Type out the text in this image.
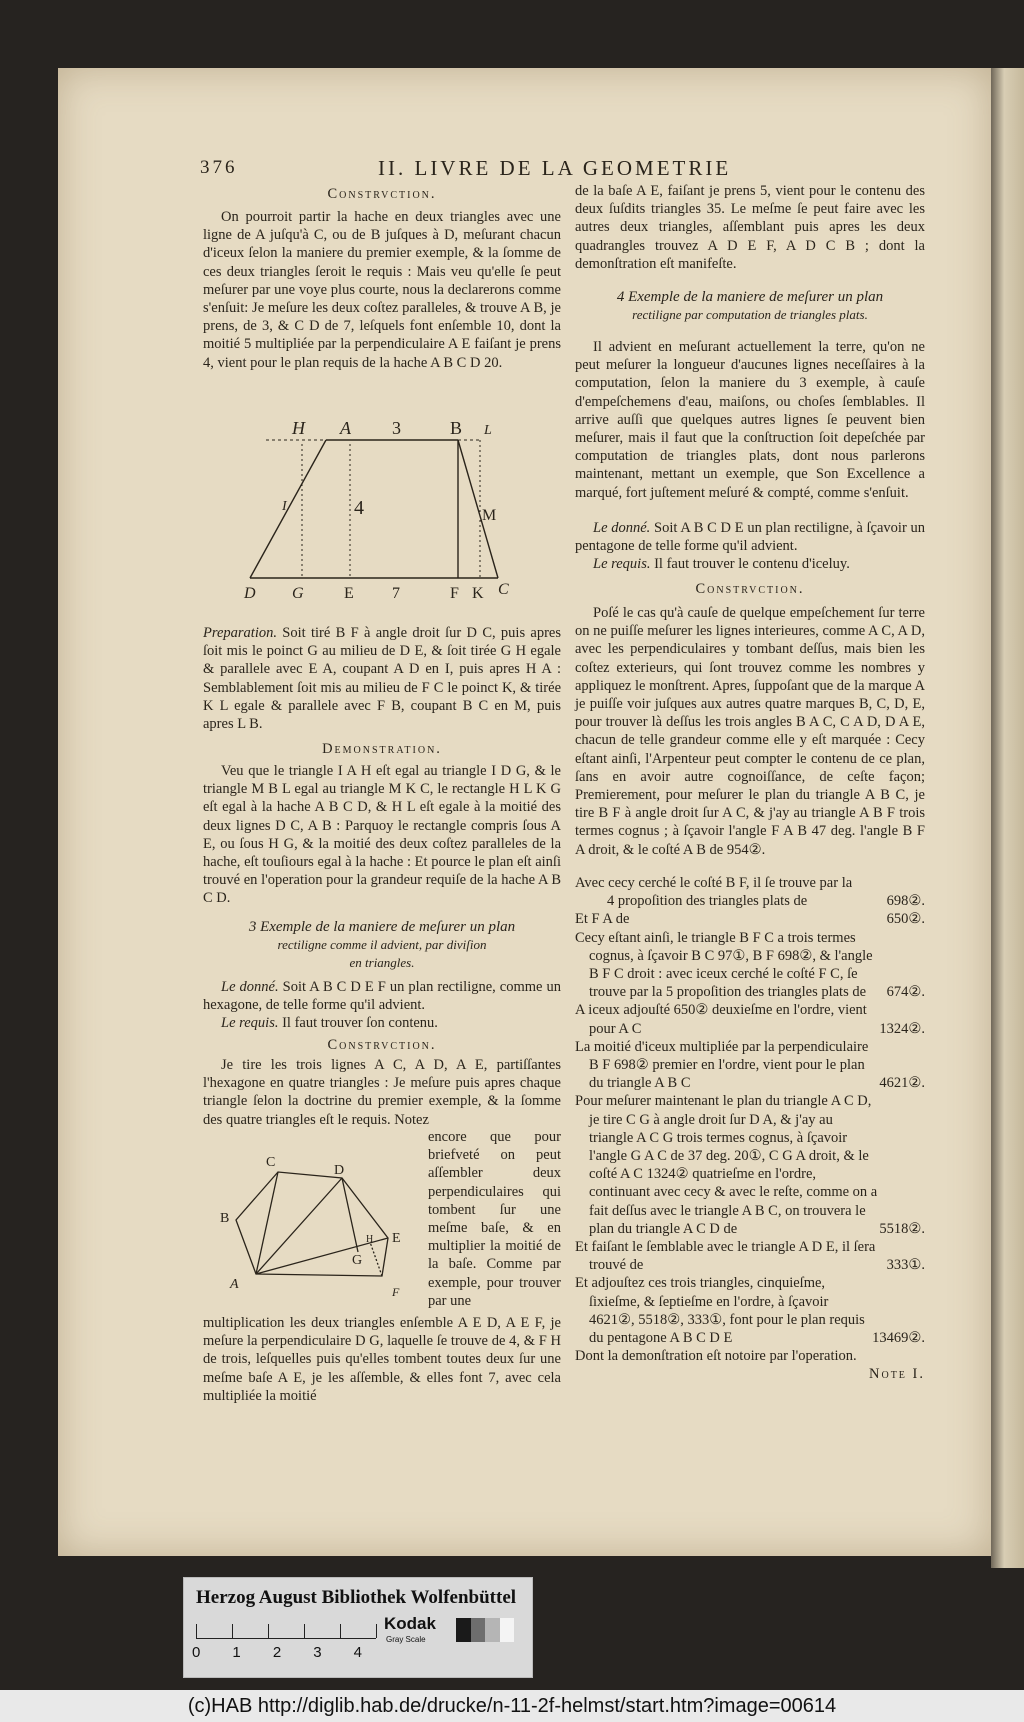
376	II. LIVRE DE LA GEOMETRIE
Constrvction.

On pourroit partir la hache en deux triangles avec une ligne de A juſqu'à C, ou de B juſques à D, meſurant chacun d'iceux ſelon la maniere du premier exemple, & la ſomme de ces deux triangles ſeroit le requis : Mais veu qu'elle ſe peut meſurer par une voye plus courte, nous la declarerons comme s'enſuit: Je meſure les deux coſtez paralleles, & trouve A B, je prens, de 3, & C D de 7, leſquels font enſemble 10, dont la moitié 5 multipliée par la perpendiculaire A E faiſant je prens 4, vient pour le plan requis de la hache A B C D 20.

H A 3	B L
I	4	M
D G	E 7	F K C

Preparation. Soit tiré B F à angle droit ſur D C, puis apres ſoit mis le poinct G au milieu de D E, & ſoit tirée G H egale & parallele avec E A, coupant A D en I, puis apres H A : Semblablement ſoit mis au milieu de F C le poinct K, & tirée K L egale & parallele avec F B, coupant B C en M, puis apres L B.

Demonstration.

Veu que le triangle I A H eſt egal au triangle I D G, & le triangle M B L egal au triangle M K C, le rectangle H L K G eſt egal à la hache A B C D, & H L eſt egale à la moitié des deux lignes D C, A B : Parquoy le rectangle compris ſous A E, ou ſous H G, & la moitié des deux coſtez paralleles de la hache, eſt touſiours egal à la hache : Et pource le plan eſt ainſi trouvé en l'operation pour la grandeur requiſe de la hache A B C D.

3 Exemple de la maniere de meſurer un plan
rectiligne comme il advient, par diviſion
en triangles.

Le donné. Soit A B C D E F un plan rectiligne, comme un hexagone, de telle forme qu'il advient.

Le requis. Il faut trouver ſon contenu.

Constrvction.

Je tire les trois lignes A C, A D, A E, partiſſantes l'hexagone en quatre triangles : Je meſure puis apres chaque triangle ſelon la doctrine du premier exemple, & la ſomme des quatre triangles eſt le requis. Notez

encore que pour briefveté on peut aſſembler deux perpendiculaires qui tombent ſur une meſme baſe, & en multiplier la moitié de la baſe. Comme par exemple, pour trouver par une

C
D
B
H E
G
A	F

multiplication les deux triangles enſemble A E D, A E F, je meſure la perpendiculaire D G, laquelle ſe trouve de 4, & F H de trois, leſquelles puis qu'elles tombent toutes deux ſur une meſme baſe A E, je les aſſemble, & elles font 7, avec cela multipliée la moitié

de la baſe A E, faiſant je prens 5, vient pour le contenu des deux ſuſdits triangles 35. Le meſme ſe peut faire avec les autres deux triangles, aſſemblant puis apres les deux quadrangles trouvez A D E F, A D C B ; dont la demonſtration eſt manifeſte.

4 Exemple de la maniere de meſurer un plan
rectiligne par computation de triangles plats.

Il advient en meſurant actuellement la terre, qu'on ne peut meſurer la longueur d'aucunes lignes neceſſaires à la computation, ſelon la maniere du 3 exemple, à cauſe d'empeſchemens d'eau, maiſons, ou choſes ſemblables. Il arrive auſſi que quelques autres lignes ſe peuvent bien meſurer, mais il faut que la conſtruction ſoit depeſchée par computation de triangles plats, dont nous parlerons maintenant, mettant un exemple, que Son Excellence a marqué, fort juſtement meſuré & compté, comme s'enſuit.

Le donné. Soit A B C D E un plan rectiligne, à ſçavoir un pentagone de telle forme qu'il advient.

Le requis. Il faut trouver le contenu d'iceluy.

Constrvction.

Poſé le cas qu'à cauſe de quelque empeſchement ſur terre on ne puiſſe meſurer les lignes interieures, comme A C, A D, avec les perpendiculaires y tombant deſſus, mais bien les coſtez exterieurs, qui ſont trouvez comme les nombres y appliquez le monſtrent. Apres, ſuppoſant que de la marque A je puiſſe voir juſques aux autres quatre marques B, C, D, E, pour trouver là deſſus les trois angles B A C, C A D, D A E, chacun de telle grandeur comme elle y eſt marquée : Cecy eſtant ainſi, l'Arpenteur peut compter le contenu de ce plan, ſans en avoir autre cognoiſſance, de ceſte façon; Premierement, pour meſurer le plan du triangle A B C, je tire B F à angle droit ſur A C, & j'ay au triangle A B F trois termes cognus ; à ſçavoir l'angle F A B 47 deg. l'angle B F A droit, & le coſté A B de 954②.

Avec cecy cerché le coſté B F, il ſe trouve par la
4 propoſition des triangles plats de	698②.
Et F A de	650②.
Cecy eſtant ainſi, le triangle B F C a trois termes cognus, à ſçavoir B C 97①, B F 698②, & l'angle B F C droit : avec iceux cerché le coſté F C, ſe trouve par la 5 propoſition des triangles plats de	674②.
A iceux adjouſté 650② deuxieſme en l'ordre, vient pour A C	1324②.
La moitié d'iceux multipliée par la perpendiculaire B F 698② premier en l'ordre, vient pour le plan du triangle A B C	4621②.
Pour meſurer maintenant le plan du triangle A C D, je tire C G à angle droit ſur D A, & j'ay au triangle A C G trois termes cognus, à ſçavoir l'angle G A C de 37 deg. 20①, C G A droit, & le coſté A C 1324② quatrieſme en l'ordre, continuant avec cecy & avec le reſte, comme on a fait deſſus avec le triangle A B C, on trouvera le plan du triangle A C D de	5518②.
Et faiſant le ſemblable avec le triangle A D E, il ſera trouvé de	333①.
Et adjouſtez ces trois triangles, cinquieſme, ſixieſme, & ſeptieſme en l'ordre, à ſçavoir 4621②, 5518②, 333①, font pour le plan requis du pentagone A B C D E	13469②.
Dont la demonſtration eſt notoire par l'operation.
Note I.
Herzog August Bibliothek Wolfenbüttel
0 1 2 3 4
Kodak
Gray Scale
(c)HAB http://diglib.hab.de/drucke/n-11-2f-helmst/start.htm?image=00614
